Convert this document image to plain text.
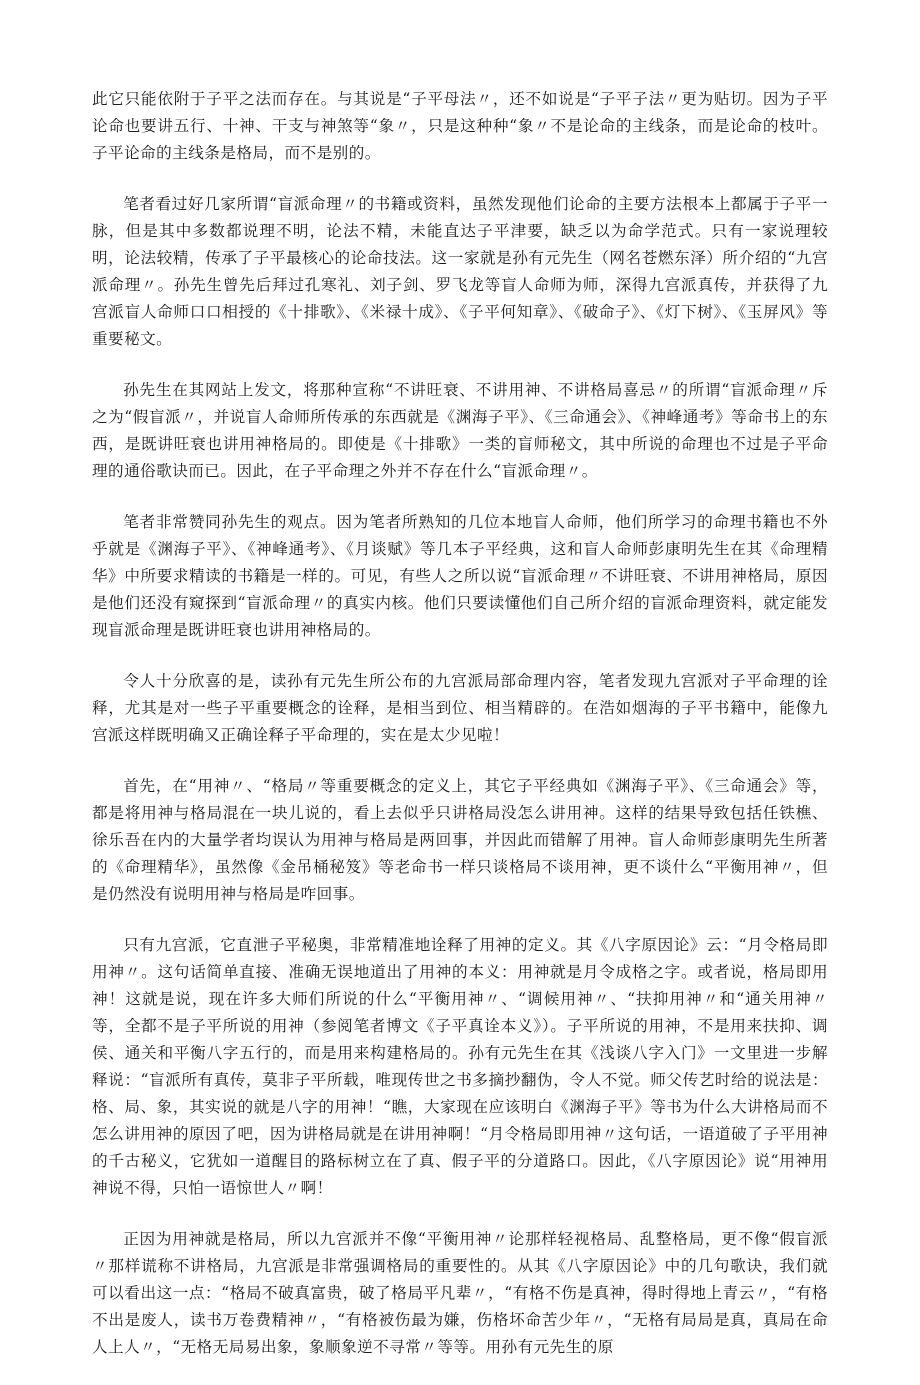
此它只能依附于子平之法而存在。与其说是“子平母法〃，还不如说是“子平子法〃更为贴切。因为子平论命也要讲五行、十神、干支与神煞等“象〃，只是这种种“象〃不是论命的主线条，而是论命的枝叶。子平论命的主线条是格局，而不是别的。

笔者看过好几家所谓“盲派命理〃的书籍或资料，虽然发现他们论命的主要方法根本上都属于子平一脉，但是其中多数都说理不明，论法不精，未能直达子平津要，缺乏以为命学范式。只有一家说理较明，论法较精，传承了子平最核心的论命技法。这一家就是孙有元先生（网名苍燃东泽）所介绍的“九宫派命理〃。孙先生曾先后拜过孔寒礼、刘子剑、罗飞龙等盲人命师为师，深得九宫派真传，并获得了九宫派盲人命师口口相授的《十排歌》、《米禄十成》、《子平何知章》、《破命子》、《灯下树》、《玉屏风》等重要秘文。

孙先生在其网站上发文，将那种宣称“不讲旺衰、不讲用神、不讲格局喜忌〃的所谓“盲派命理〃斥之为“假盲派〃，并说盲人命师所传承的东西就是《渊海子平》、《三命通会》、《神峰通考》等命书上的东西，是既讲旺衰也讲用神格局的。即使是《十排歌》一类的盲师秘文，其中所说的命理也不过是子平命理的通俗歌诀而已。因此，在子平命理之外并不存在什么“盲派命理〃。

笔者非常赞同孙先生的观点。因为笔者所熟知的几位本地盲人命师，他们所学习的命理书籍也不外乎就是《渊海子平》、《神峰通考》、《月谈赋》等几本子平经典，这和盲人命师彭康明先生在其《命理精华》中所要求精读的书籍是一样的。可见，有些人之所以说“盲派命理〃不讲旺衰、不讲用神格局，原因是他们还没有窥探到“盲派命理〃的真实内核。他们只要读懂他们自己所介绍的盲派命理资料，就定能发现盲派命理是既讲旺衰也讲用神格局的。

令人十分欣喜的是，读孙有元先生所公布的九宫派局部命理内容，笔者发现九宫派对子平命理的诠释，尤其是对一些子平重要概念的诠释，是相当到位、相当精辟的。在浩如烟海的子平书籍中，能像九宫派这样既明确又正确诠释子平命理的，实在是太少见啦！

首先，在“用神〃、“格局〃等重要概念的定义上，其它子平经典如《渊海子平》、《三命通会》等，都是将用神与格局混在一块儿说的，看上去似乎只讲格局没怎么讲用神。这样的结果导致包括任铁樵、徐乐吾在内的大量学者均误认为用神与格局是两回事，并因此而错解了用神。盲人命师彭康明先生所著的《命理精华》，虽然像《金吊桶秘笈》等老命书一样只谈格局不谈用神，更不谈什么“平衡用神〃，但是仍然没有说明用神与格局是咋回事。

只有九宫派，它直泄子平秘奥，非常精准地诠释了用神的定义。其《八字原因论》云：“月令格局即用神〃。这句话简单直接、准确无误地道出了用神的本义：用神就是月令成格之字。或者说，格局即用神！这就是说，现在许多大师们所说的什么“平衡用神〃、“调候用神〃、“扶抑用神〃和“通关用神〃等，全都不是子平所说的用神（参阅笔者博文《子平真诠本义》）。子平所说的用神，不是用来扶抑、调侯、通关和平衡八字五行的，而是用来构建格局的。孙有元先生在其《浅谈八字入门》一文里进一步解释说：“盲派所有真传，莫非子平所载，唯现传世之书多摘抄翻伪，令人不觉。师父传艺时给的说法是：格、局、象，其实说的就是八字的用神！“瞧，大家现在应该明白《渊海子平》等书为什么大讲格局而不怎么讲用神的原因了吧，因为讲格局就是在讲用神啊！“月令格局即用神〃这句话，一语道破了子平用神的千古秘义，它犹如一道醒目的路标树立在了真、假子平的分道路口。因此，《八字原因论》说“用神用神说不得，只怕一语惊世人〃啊！

正因为用神就是格局，所以九宫派并不像“平衡用神〃论那样轻视格局、乱整格局，更不像“假盲派〃那样谎称不讲格局，九宫派是非常强调格局的重要性的。从其《八字原因论》中的几句歌诀，我们就可以看出这一点：“格局不破真富贵，破了格局平凡辈〃，“有格不伤是真神，得时得地上青云〃，“有格不出是废人，读书万卷费精神〃，“有格被伤最为嫌，伤格坏命苦少年〃，“无格有局局是真，真局在命人上人〃，“无格无局易出象，象顺象逆不寻常〃等等。用孙有元先生的原
